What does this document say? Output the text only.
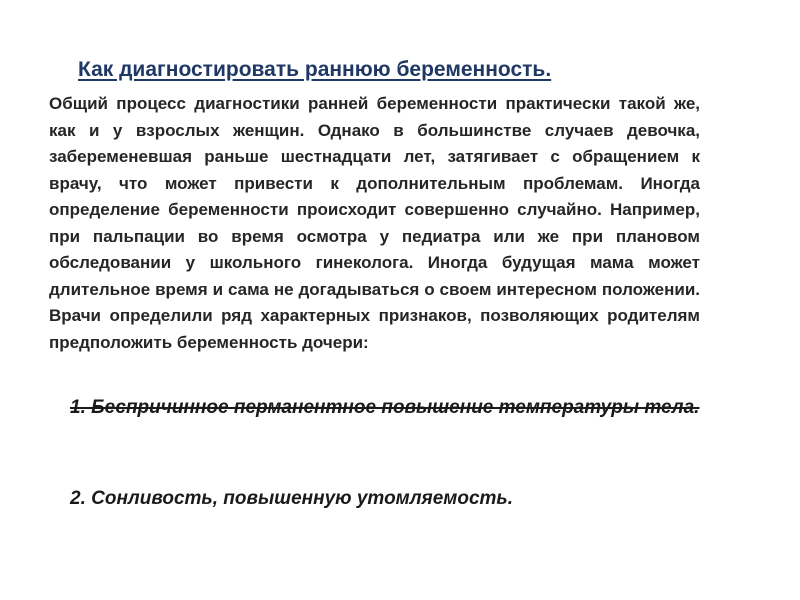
Как диагностировать раннюю беременность.

Общий процесс диагностики ранней беременности практически такой же, как и у взрослых женщин. Однако в большинстве случаев девочка, забеременевшая раньше шестнадцати лет, затягивает с обращением к врачу, что может привести к дополнительным проблемам. Иногда определение беременности происходит совершенно случайно. Например, при пальпации во время осмотра у педиатра или же при плановом обследовании у школьного гинеколога. Иногда будущая мама может длительное время и сама не догадываться о своем интересном положении. Врачи определили ряд характерных признаков, позволяющих родителям предположить беременность дочери:

1. Беспричинное перманентное повышение температуры тела.

2. Сонливость, повышенную утомляемость.
